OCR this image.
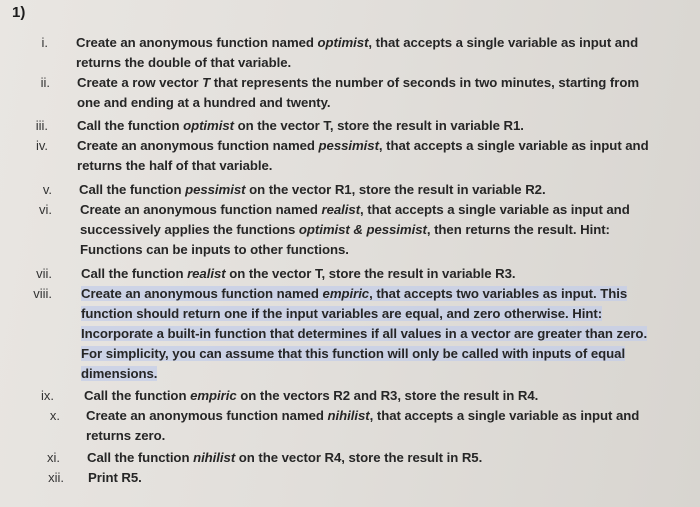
1)
i. Create an anonymous function named optimist, that accepts a single variable as input and returns the double of that variable.
ii. Create a row vector T that represents the number of seconds in two minutes, starting from one and ending at a hundred and twenty.
iii. Call the function optimist on the vector T, store the result in variable R1.
iv. Create an anonymous function named pessimist, that accepts a single variable as input and returns the half of that variable.
v. Call the function pessimist on the vector R1, store the result in variable R2.
vi. Create an anonymous function named realist, that accepts a single variable as input and successively applies the functions optimist & pessimist, then returns the result. Hint: Functions can be inputs to other functions.
vii. Call the function realist on the vector T, store the result in variable R3.
viii. Create an anonymous function named empiric, that accepts two variables as input. This function should return one if the input variables are equal, and zero otherwise. Hint: Incorporate a built-in function that determines if all values in a vector are greater than zero. For simplicity, you can assume that this function will only be called with inputs of equal dimensions.
ix. Call the function empiric on the vectors R2 and R3, store the result in R4.
x. Create an anonymous function named nihilist, that accepts a single variable as input and returns zero.
xi. Call the function nihilist on the vector R4, store the result in R5.
xii. Print R5.
